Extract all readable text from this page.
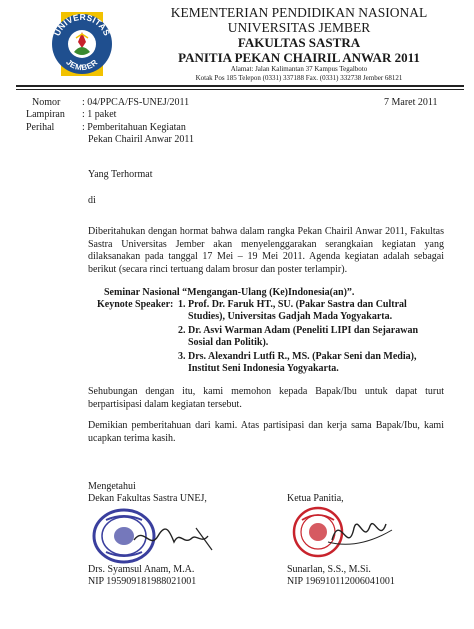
UNIVERSITAS
JEMBER
KEMENTERIAN PENDIDIKAN NASIONAL
UNIVERSITAS JEMBER
FAKULTAS SASTRA
PANITIA PEKAN CHAIRIL ANWAR 2011
Alamat: Jalan Kalimantan 37 Kampus Tegalboto
Kotak Pos 185 Telepon (0331) 337188 Fax. (0331) 332738 Jember 68121
Nomor : 04/PPCA/FS-UNEJ/2011	7 Maret 2011
Lampiran : 1 paket
Perihal	: Pemberitahuan Kegiatan
Pekan Chairil Anwar 2011
Yang Terhormat
di
Diberitahukan dengan hormat bahwa dalam rangka Pekan Chairil Anwar 2011, Fakultas Sastra Universitas Jember akan menyelenggarakan serangkaian kegiatan yang dilaksanakan pada tanggal 17 Mei – 19 Mei 2011. Agenda kegiatan adalah sebagai berikut (secara rinci tertuang dalam brosur dan poster terlampir).
Seminar Nasional “Mengangan-Ulang (Ke)Indonesia(an)”.
Keynote Speaker: 1. Prof. Dr. Faruk HT., SU. (Pakar Sastra dan Cultral
Studies), Universitas Gadjah Mada Yogyakarta.
2. Dr. Asvi Warman Adam (Peneliti LIPI dan Sejarawan
Sosial dan Politik).
3. Drs. Alexandri Lutfi R., MS. (Pakar Seni dan Media),
Institut Seni Indonesia Yogyakarta.
Sehubungan dengan itu, kami memohon kepada Bapak/Ibu untuk dapat turut berpartisipasi dalam kegiatan tersebut.
Demikian pemberitahuan dari kami. Atas partisipasi dan kerja sama Bapak/Ibu, kami ucapkan terima kasih.
Mengetahui
Dekan Fakultas Sastra UNEJ,
Drs. Syamsul Anam, M.A.
NIP 195909181988021001
Ketua Panitia,
Sunarlan, S.S., M.Si.
NIP 196910112006041001
